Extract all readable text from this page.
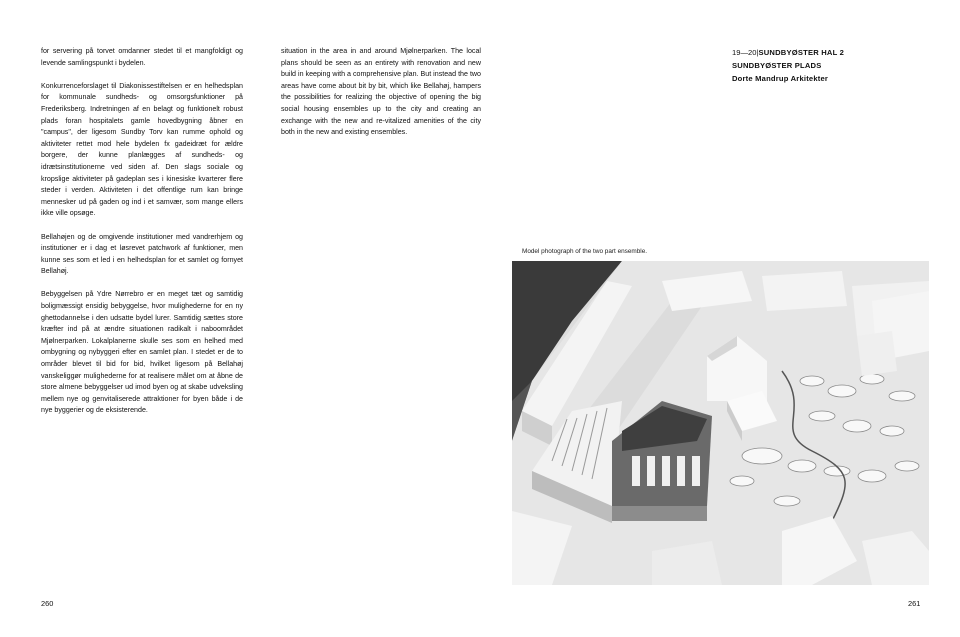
for servering på torvet omdanner stedet til et mangfoldigt og levende samlingspunkt i bydelen.

Konkurrenceforslaget til Diakonissestiftelsen er en helhedsplan for kommunale sundheds- og omsorgsfunktioner på Frederiksberg. Indretningen af en belagt og funktionelt robust plads foran hospitalets gamle hovedbygning åbner en "campus", der ligesom Sundby Torv kan rumme ophold og aktiviteter rettet mod hele bydelen fx gadeidræt for ældre borgere, der kunne planlægges af sundheds- og idrætsinstitutionerne ved siden af. Den slags sociale og kropslige aktiviteter på gadeplan ses i kinesiske kvarterer flere steder i verden. Aktiviteten i det offentlige rum kan bringe mennesker ud på gaden og ind i et samvær, som mange ellers ikke ville opsøge.

Bellahøjen og de omgivende institutioner med vandrerhjem og institutioner er i dag et løsrevet patchwork af funktioner, men kunne ses som et led i en helhedsplan for et samlet og fornyet Bellahøj.

Bebyggelsen på Ydre Nørrebro er en meget tæt og samtidig boligmæssigt ensidig bebyggelse, hvor mulighederne for en ny ghettodannelse i den udsatte bydel lurer. Samtidig sættes store kræfter ind på at ændre situationen radikalt i naboområdet Mjølnerparken. Lokalplanerne skulle ses som en helhed med ombygning og nybyggeri efter en samlet plan. I stedet er de to områder blevet til bid for bid, hvilket ligesom på Bellahøj vanskeliggør mulighederne for at realisere målet om at åbne de store almene bebyggelser ud imod byen og at skabe udveksling mellem nye og genvitaliserede attraktioner for byen både i de nye byggerier og de eksisterende.

situation in the area in and around Mjølnerparken. The local plans should be seen as an entirety with renovation and new build in keeping with a comprehensive plan. But instead the two areas have come about bit by bit, which like Bellahøj, hampers the possibilities for realizing the objective of opening the big social housing ensembles up to the city and creating an exchange with the new and re-vitalized amenities of the city both in the new and existing ensembles.

19—20|SUNDBYØSTER HAL 2
SUNDBYØSTER PLADS
Dorte Mandrup Arkitekter
Model photograph of the two part ensemble.
260	261
